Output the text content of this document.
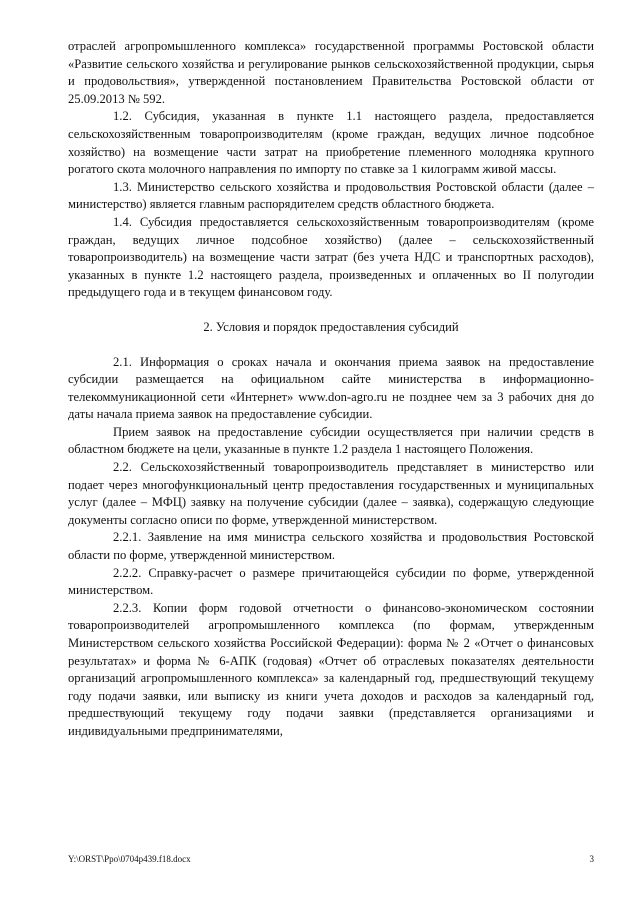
отраслей агропромышленного комплекса» государственной программы Ростовской области «Развитие сельского хозяйства и регулирование рынков сельскохозяйственной продукции, сырья и продовольствия», утвержденной постановлением Правительства Ростовской области от 25.09.2013 № 592.

1.2. Субсидия, указанная в пункте 1.1 настоящего раздела, предоставляется сельскохозяйственным товаропроизводителям (кроме граждан, ведущих личное подсобное хозяйство) на возмещение части затрат на приобретение племенного молодняка крупного рогатого скота молочного направления по импорту по ставке за 1 килограмм живой массы.

1.3. Министерство сельского хозяйства и продовольствия Ростовской области (далее – министерство) является главным распорядителем средств областного бюджета.

1.4. Субсидия предоставляется сельскохозяйственным товаропроизводителям (кроме граждан, ведущих личное подсобное хозяйство) (далее – сельскохозяйственный товаропроизводитель) на возмещение части затрат (без учета НДС и транспортных расходов), указанных в пункте 1.2 настоящего раздела, произведенных и оплаченных во II полугодии предыдущего года и в текущем финансовом году.

2. Условия и порядок предоставления субсидий

2.1. Информация о сроках начала и окончания приема заявок на предоставление субсидии размещается на официальном сайте министерства в информационно-телекоммуникационной сети «Интернет» www.don-agro.ru не позднее чем за 3 рабочих дня до даты начала приема заявок на предоставление субсидии.

Прием заявок на предоставление субсидии осуществляется при наличии средств в областном бюджете на цели, указанные в пункте 1.2 раздела 1 настоящего Положения.

2.2. Сельскохозяйственный товаропроизводитель представляет в министерство или подает через многофункциональный центр предоставления государственных и муниципальных услуг (далее – МФЦ) заявку на получение субсидии (далее – заявка), содержащую следующие документы согласно описи по форме, утвержденной министерством.

2.2.1. Заявление на имя министра сельского хозяйства и продовольствия Ростовской области по форме, утвержденной министерством.

2.2.2. Справку-расчет о размере причитающейся субсидии по форме, утвержденной министерством.

2.2.3. Копии форм годовой отчетности о финансово-экономическом состоянии товаропроизводителей агропромышленного комплекса (по формам, утвержденным Министерством сельского хозяйства Российской Федерации): форма № 2 «Отчет о финансовых результатах» и форма № 6-АПК (годовая) «Отчет об отраслевых показателях деятельности организаций агропромышленного комплекса» за календарный год, предшествующий текущему году подачи заявки, или выписку из книги учета доходов и расходов за календарный год, предшествующий текущему году подачи заявки (представляется организациями и индивидуальными предпринимателями,

Y:\ORST\Ppo\0704p439.f18.docx	3
